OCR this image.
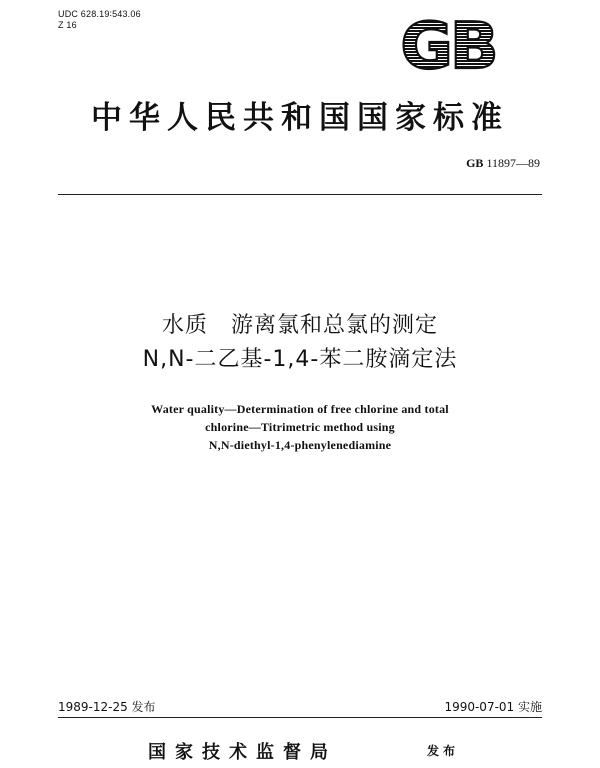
UDC 628.19∶543.06
Z 16	GB
中华人民共和国国家标准
GB 11897—89
水质　游离氯和总氯的测定
N,N-二乙基-1,4-苯二胺滴定法
Water quality—Determination of free chlorine and total
chlorine—Titrimetric method using
N,N-diethyl-1,4-phenylenediamine
1989-12-25 发布	1990-07-01 实施
国家技术监督局	发布
